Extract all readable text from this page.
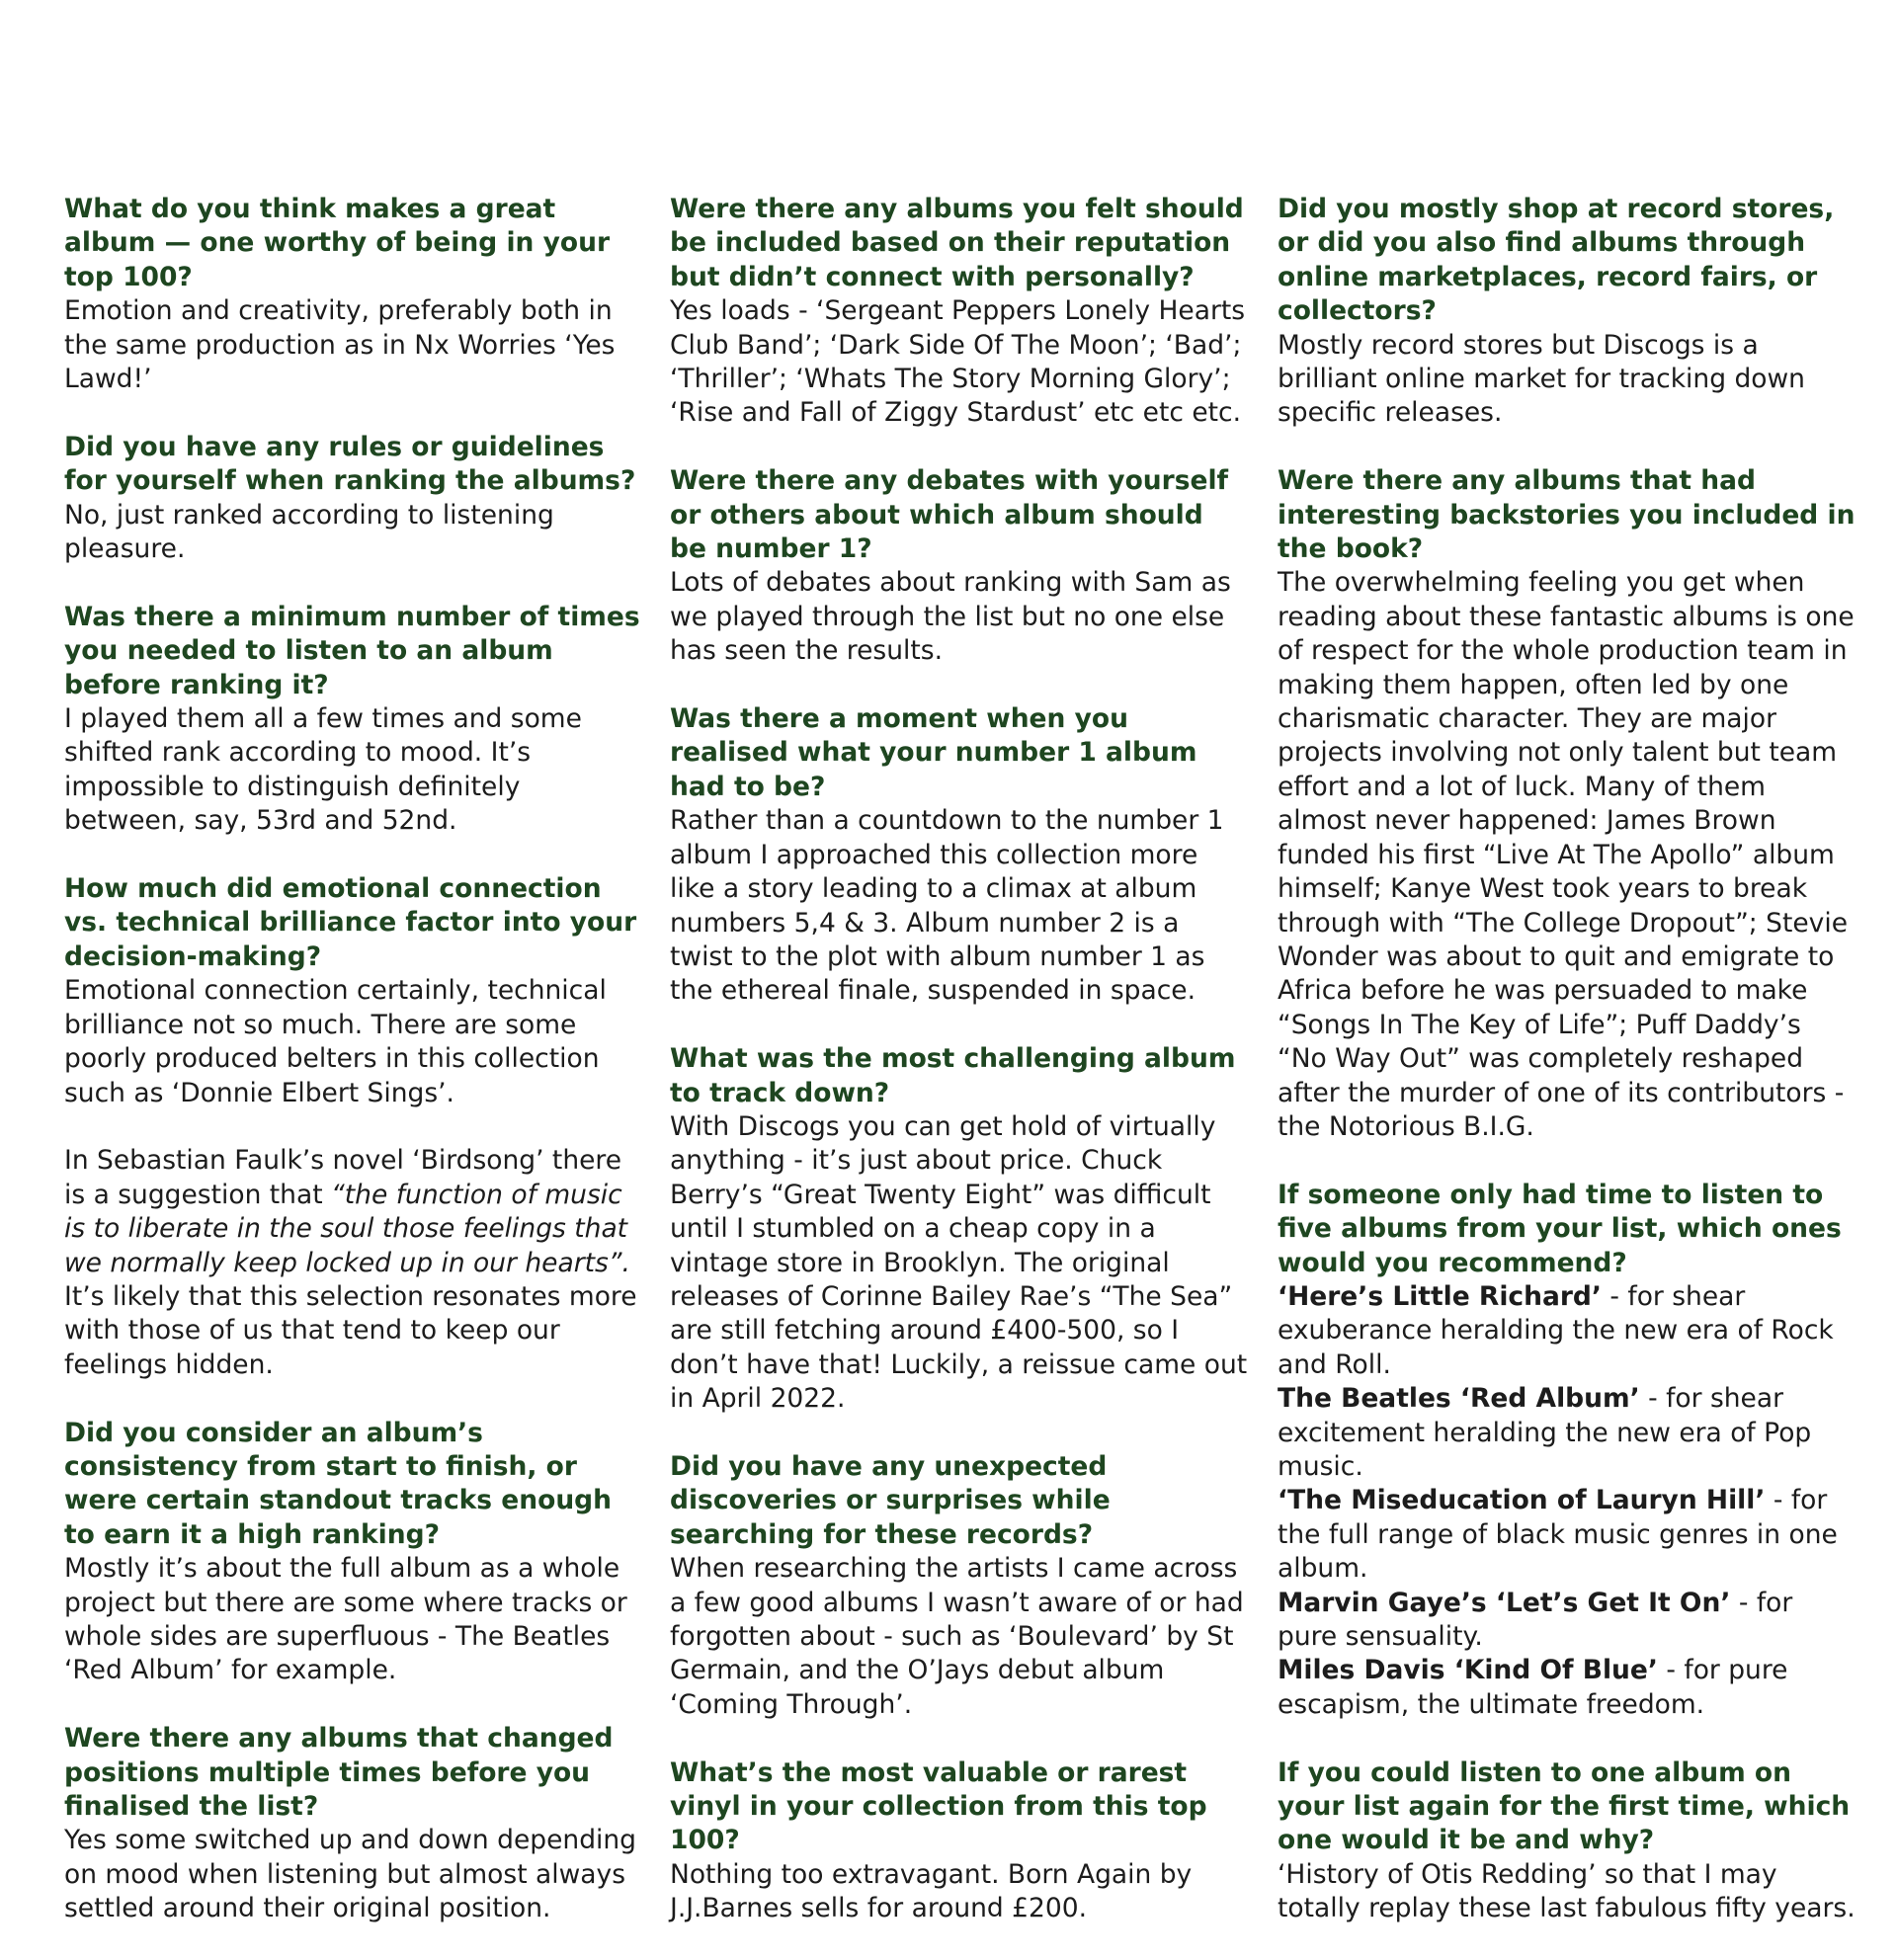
What do you think makes a great album — one worthy of being in your top 100?

Emotion and creativity, preferably both in the same production as in Nx Worries ‘Yes Lawd!’

Did you have any rules or guidelines for yourself when ranking the albums?

No, just ranked according to listening pleasure.

Was there a minimum number of times you needed to listen to an album before ranking it?

I played them all a few times and some shifted rank according to mood. It’s impossible to distinguish definitely between, say, 53rd and 52nd.

How much did emotional connection vs. technical brilliance factor into your decision-making?

Emotional connection certainly, technical brilliance not so much. There are some poorly produced belters in this collection such as ‘Donnie Elbert Sings’.

In Sebastian Faulk’s novel ‘Birdsong’ there is a suggestion that “the function of music is to liberate in the soul those feelings that we normally keep locked up in our hearts”. It’s likely that this selection resonates more with those of us that tend to keep our feelings hidden.

Did you consider an album’s consistency from start to finish, or were certain standout tracks enough to earn it a high ranking?

Mostly it’s about the full album as a whole project but there are some where tracks or whole sides are superfluous - The Beatles ‘Red Album’ for example.

Were there any albums that changed positions multiple times before you finalised the list?

Yes some switched up and down depending on mood when listening but almost always settled around their original position.

Were there any albums you felt should be included based on their reputation but didn’t connect with personally?

Yes loads - ‘Sergeant Peppers Lonely Hearts Club Band’; ‘Dark Side Of The Moon’; ‘Bad’; ‘Thriller’; ‘Whats The Story Morning Glory’; ‘Rise and Fall of Ziggy Stardust’ etc etc etc.

Were there any debates with yourself or others about which album should be number 1?

Lots of debates about ranking with Sam as we played through the list but no one else has seen the results.

Was there a moment when you realised what your number 1 album had to be?

Rather than a countdown to the number 1 album I approached this collection more like a story leading to a climax at album numbers 5,4 & 3. Album number 2 is a twist to the plot with album number 1 as the ethereal finale, suspended in space.

What was the most challenging album to track down?

With Discogs you can get hold of virtually anything - it’s just about price. Chuck Berry’s “Great Twenty Eight” was difficult until I stumbled on a cheap copy in a vintage store in Brooklyn. The original releases of Corinne Bailey Rae’s “The Sea” are still fetching around £400-500, so I don’t have that! Luckily, a reissue came out in April 2022.

Did you have any unexpected discoveries or surprises while searching for these records?

When researching the artists I came across a few good albums I wasn’t aware of or had forgotten about - such as ‘Boulevard’ by St Germain, and the O’Jays debut album ‘Coming Through’.

What’s the most valuable or rarest vinyl in your collection from this top 100?

Nothing too extravagant. Born Again by J.J.Barnes sells for around £200.

Did you mostly shop at record stores, or did you also find albums through online marketplaces, record fairs, or collectors?

Mostly record stores but Discogs is a brilliant online market for tracking down specific releases.

Were there any albums that had interesting backstories you included in the book?

The overwhelming feeling you get when reading about these fantastic albums is one of respect for the whole production team in making them happen, often led by one charismatic character. They are major projects involving not only talent but team effort and a lot of luck. Many of them almost never happened: James Brown funded his first “Live At The Apollo” album himself; Kanye West took years to break through with “The College Dropout”; Stevie Wonder was about to quit and emigrate to Africa before he was persuaded to make “Songs In The Key of Life”; Puff Daddy’s “No Way Out” was completely reshaped after the murder of one of its contributors - the Notorious B.I.G.

If someone only had time to listen to five albums from your list, which ones would you recommend?

‘Here’s Little Richard’ - for shear exuberance heralding the new era of Rock and Roll.

The Beatles ‘Red Album’ - for shear excitement heralding the new era of Pop music.

‘The Miseducation of Lauryn Hill’ - for the full range of black music genres in one album.

Marvin Gaye’s ‘Let’s Get It On’ - for pure sensuality.

Miles Davis ‘Kind Of Blue’ - for pure escapism, the ultimate freedom.

If you could listen to one album on your list again for the first time, which one would it be and why?

‘History of Otis Redding’ so that I may totally replay these last fabulous fifty years.
